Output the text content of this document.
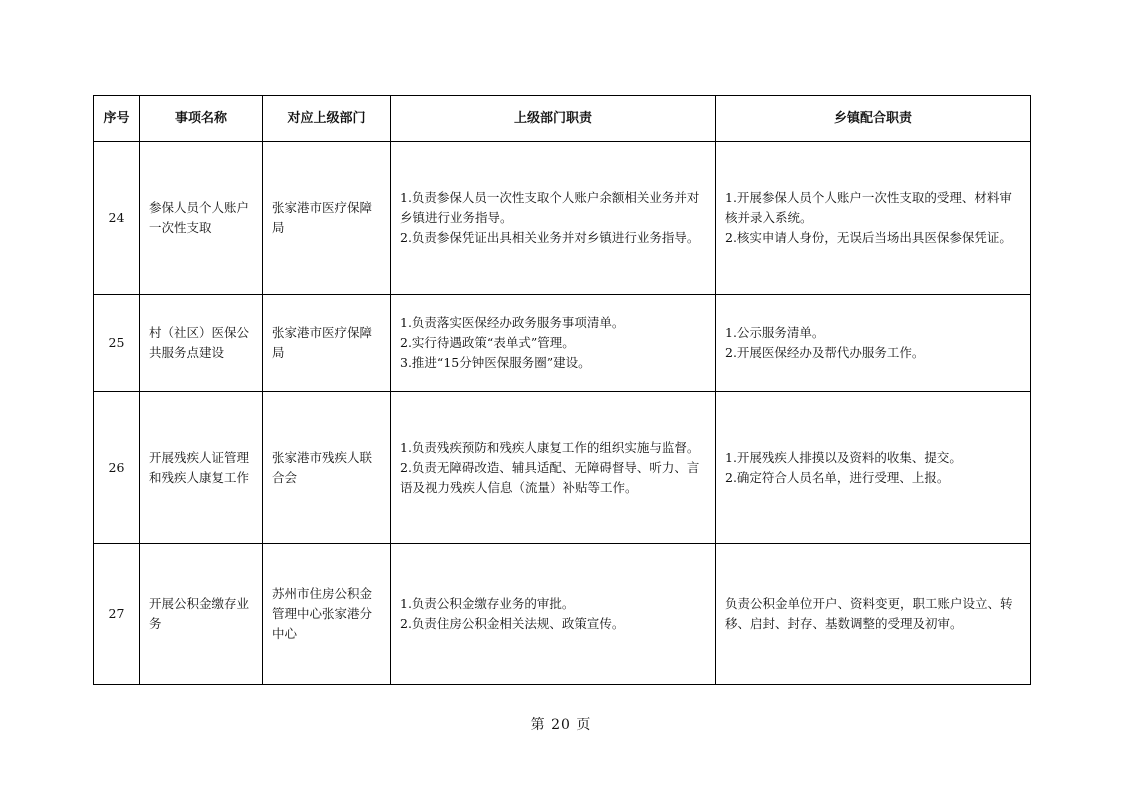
序号	事项名称	对应上级部门	上级部门职责	乡镇配合职责
24	参保人员个人账户一次性支取	张家港市医疗保障局	1.负责参保人员一次性支取个人账户余额相关业务并对乡镇进行业务指导。
2.负责参保凭证出具相关业务并对乡镇进行业务指导。	1.开展参保人员个人账户一次性支取的受理、材料审核并录入系统。
2.核实申请人身份，无误后当场出具医保参保凭证。

25	村（社区）医保公共服务点建设	张家港市医疗保障局	1.负责落实医保经办政务服务事项清单。
2.实行待遇政策“表单式”管理。
3.推进“15分钟医保服务圈”建设。	1.公示服务清单。
2.开展医保经办及帮代办服务工作。

26	开展残疾人证管理和残疾人康复工作	张家港市残疾人联合会	1.负责残疾预防和残疾人康复工作的组织实施与监督。
2.负责无障碍改造、辅具适配、无障碍督导、听力、言语及视力残疾人信息（流量）补贴等工作。	1.开展残疾人排摸以及资料的收集、提交。
2.确定符合人员名单，进行受理、上报。

27	开展公积金缴存业务	苏州市住房公积金管理中心张家港分中心	1.负责公积金缴存业务的审批。
2.负责住房公积金相关法规、政策宣传。	负责公积金单位开户、资料变更，职工账户设立、转移、启封、封存、基数调整的受理及初审。
第 20 页
